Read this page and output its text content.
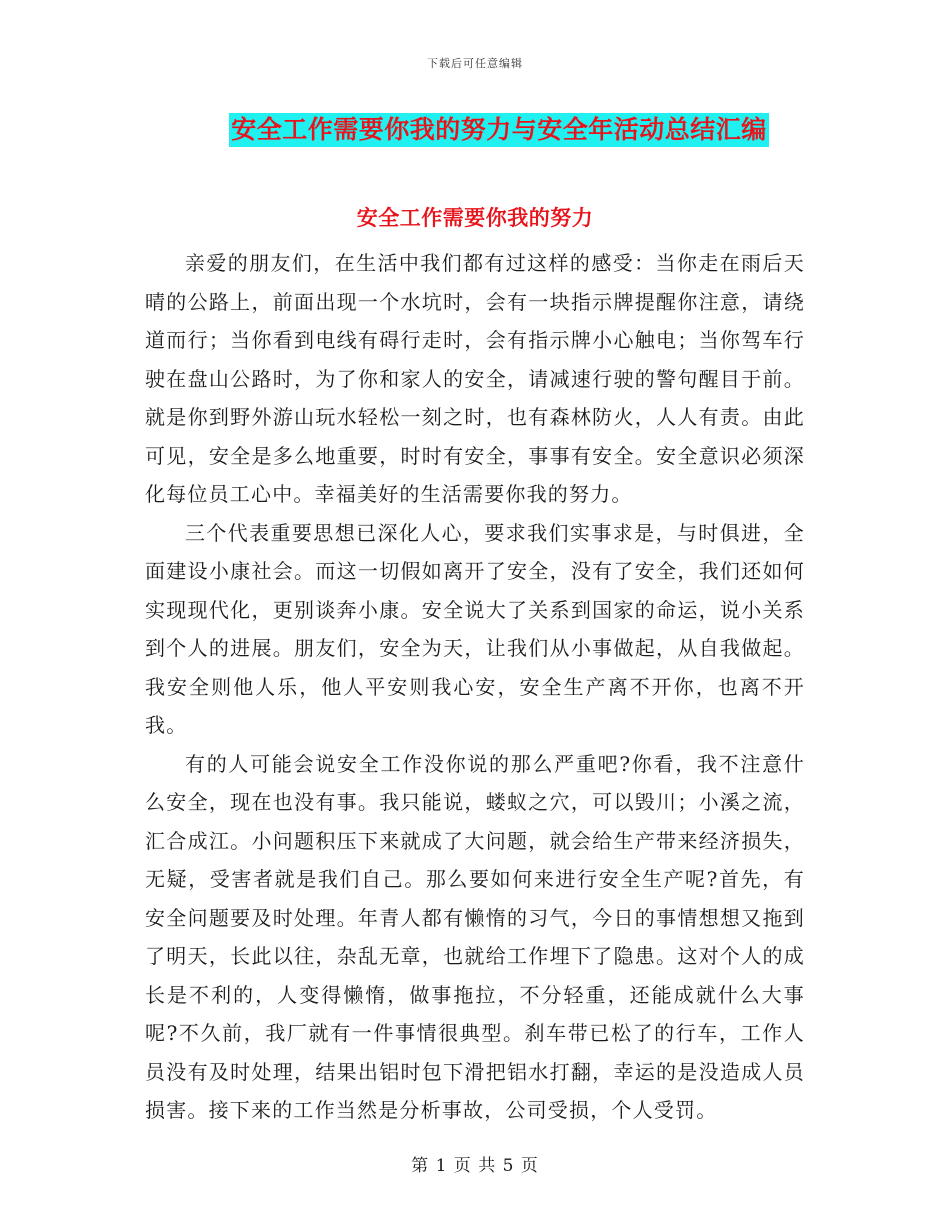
下载后可任意编辑
安全工作需要你我的努力与安全年活动总结汇编
安全工作需要你我的努力

亲爱的朋友们，在生活中我们都有过这样的感受：当你走在雨后天晴的公路上，前面出现一个水坑时，会有一块指示牌提醒你注意，请绕道而行；当你看到电线有碍行走时，会有指示牌小心触电；当你驾车行驶在盘山公路时，为了你和家人的安全，请减速行驶的警句醒目于前。就是你到野外游山玩水轻松一刻之时，也有森林防火，人人有责。由此可见，安全是多么地重要，时时有安全，事事有安全。安全意识必须深化每位员工心中。幸福美好的生活需要你我的努力。

三个代表重要思想已深化人心，要求我们实事求是，与时俱进，全面建设小康社会。而这一切假如离开了安全，没有了安全，我们还如何实现现代化，更别谈奔小康。安全说大了关系到国家的命运，说小关系到个人的进展。朋友们，安全为天，让我们从小事做起，从自我做起。我安全则他人乐，他人平安则我心安，安全生产离不开你，也离不开我。

有的人可能会说安全工作没你说的那么严重吧?你看，我不注意什么安全，现在也没有事。我只能说，蝼蚁之穴，可以毁川；小溪之流，汇合成江。小问题积压下来就成了大问题，就会给生产带来经济损失，无疑，受害者就是我们自己。那么要如何来进行安全生产呢?首先，有安全问题要及时处理。年青人都有懒惰的习气，今日的事情想想又拖到了明天，长此以往，杂乱无章，也就给工作埋下了隐患。这对个人的成长是不利的，人变得懒惰，做事拖拉，不分轻重，还能成就什么大事呢?不久前，我厂就有一件事情很典型。刹车带已松了的行车，工作人员没有及时处理，结果出铝时包下滑把铝水打翻，幸运的是没造成人员损害。接下来的工作当然是分析事故，公司受损，个人受罚。

第 1 页 共 5 页
